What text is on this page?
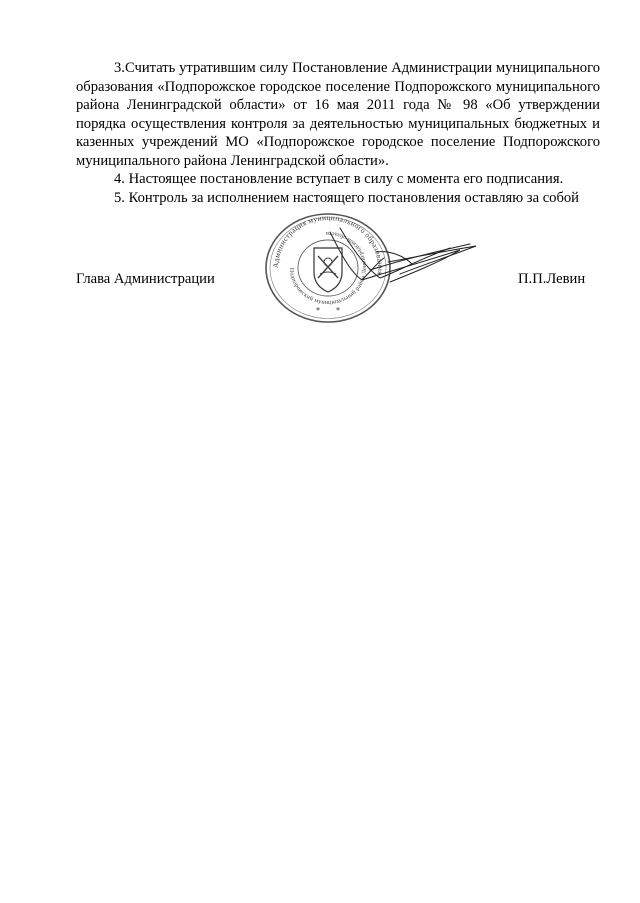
3.Считать утратившим силу Постановление Администрации муниципального образования «Подпорожское городское поселение Подпорожского муниципального района Ленинградской области» от 16 мая 2011 года № 98 «Об утверждении порядка осуществления контроля за деятельностью муниципальных бюджетных и казенных учреждений МО «Подпорожское городское поселение Подпорожского муниципального района Ленинградской области».

4. Настоящее постановление вступает в силу с момента его подписания.

5. Контроль за исполнением настоящего постановления оставляю за собой

Администрация муниципального образования
Подпорожский муниципальный район Ленинградской области
* *
Глава Администрации	П.П.Левин
